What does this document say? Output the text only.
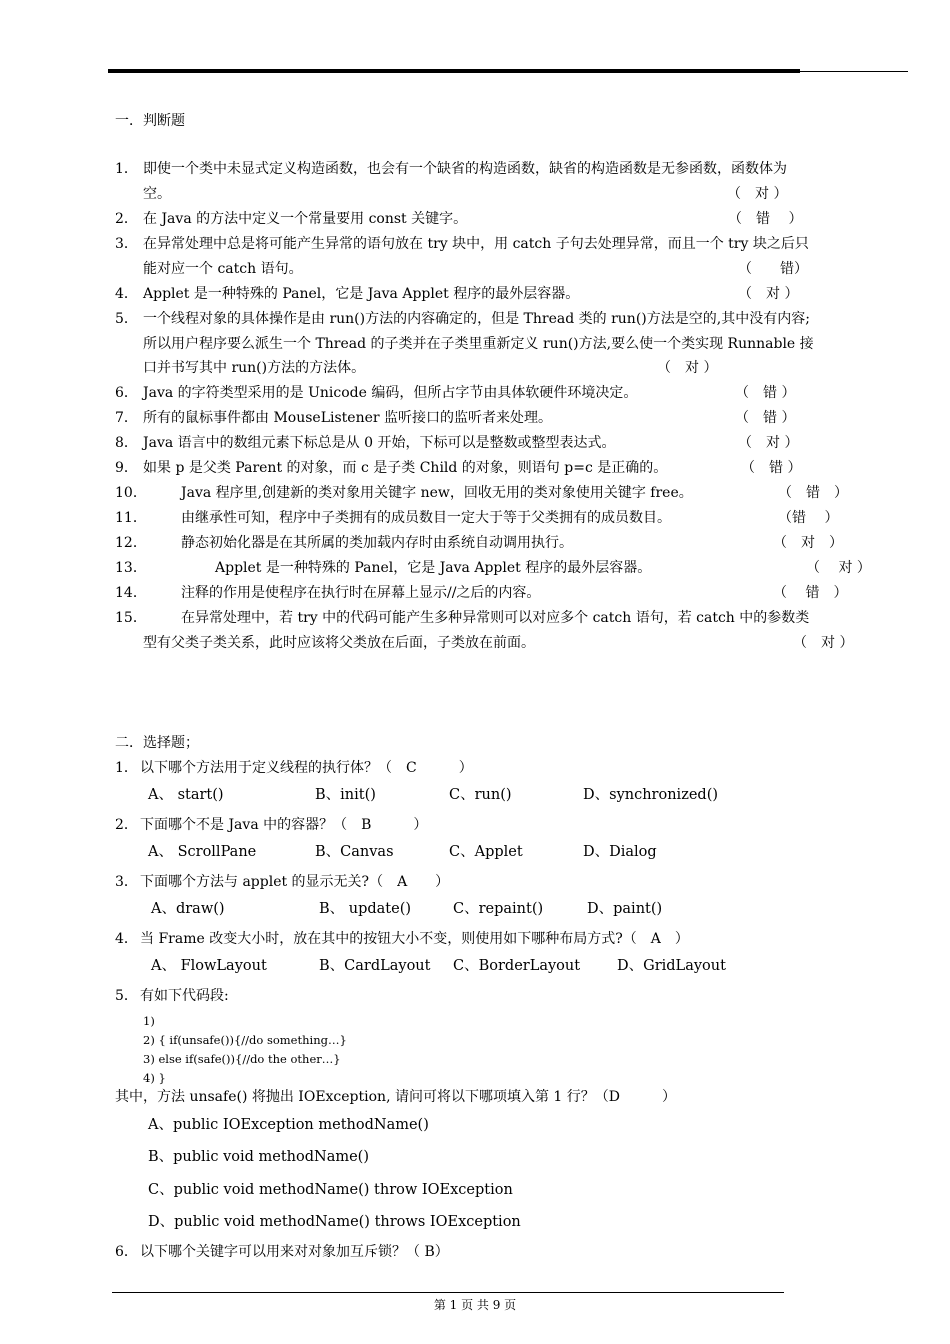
一．判断题
1． 即使一个类中未显式定义构造函数，也会有一个缺省的构造函数，缺省的构造函数是无参函数，函数体为
空。	（　对 ）
2． 在 Java 的方法中定义一个常量要用 const 关键字。	（　错 　）
3． 在异常处理中总是将可能产生异常的语句放在 try 块中，用 catch 子句去处理异常，而且一个 try 块之后只
能对应一个 catch 语句。	（　　错）
4． Applet 是一种特殊的 Panel，它是 Java Applet 程序的最外层容器。	（　对 ）
5． 一个线程对象的具体操作是由 run()方法的内容确定的，但是 Thread 类的 run()方法是空的,其中没有内容;
所以用户程序要么派生一个 Thread 的子类并在子类里重新定义 run()方法,要么使一个类实现 Runnable 接
口并书写其中 run()方法的方法体。	（　对 ）
6． Java 的字符类型采用的是 Unicode 编码，但所占字节由具体软硬件环境决定。	（　错 ）
7． 所有的鼠标事件都由 MouseListener 监听接口的监听者来处理。	（　错 ）
8． Java 语言中的数组元素下标总是从 0 开始，下标可以是整数或整型表达式。	（　对 ）
9． 如果 p 是父类 Parent 的对象，而 c 是子类 Child 的对象，则语句 p=c 是正确的。	（　错 ）
10． Java 程序里,创建新的类对象用关键字 new，回收无用的类对象使用关键字 free。	（　错　）
11． 由继承性可知，程序中子类拥有的成员数目一定大于等于父类拥有的成员数目。	（错　 ）
12． 静态初始化器是在其所属的类加载内存时由系统自动调用执行。	（　对　）
13．	Applet 是一种特殊的 Panel，它是 Java Applet 程序的最外层容器。	（　 对 ）
14． 注释的作用是使程序在执行时在屏幕上显示//之后的内容。	（　 错　）
15． 在异常处理中，若 try 中的代码可能产生多种异常则可以对应多个 catch 语句，若 catch 中的参数类
型有父类子类关系，此时应该将父类放在后面，子类放在前面。	（　对 ）
二．选择题；
1． 以下哪个方法用于定义线程的执行体？（　C　　　）
A、 start()	B、init()	C、run()	D、synchronized()
2． 下面哪个不是 Java 中的容器？（　B　　　）
A、 ScrollPane	B、Canvas	C、Applet	D、Dialog
3． 下面哪个方法与 applet 的显示无关?（　A　　）
A、draw()	B、 update()	C、repaint()	D、paint()
4． 当 Frame 改变大小时，放在其中的按钮大小不变，则使用如下哪种布局方式?（　A　）
A、 FlowLayout	B、CardLayout C、BorderLayout	D、GridLayout
5． 有如下代码段:
1)
2) { if(unsafe()){//do something…}
3) else if(safe()){//do the other…}
4) }
其中，方法 unsafe() 将抛出 IOException, 请问可将以下哪项填入第 1 行？（D　　　）
A、public IOException methodName()
B、public void methodName()
C、public void methodName() throw IOException
D、public void methodName() throws IOException
6． 以下哪个关键字可以用来对对象加互斥锁？（ B）
第 1 页 共 9 页
